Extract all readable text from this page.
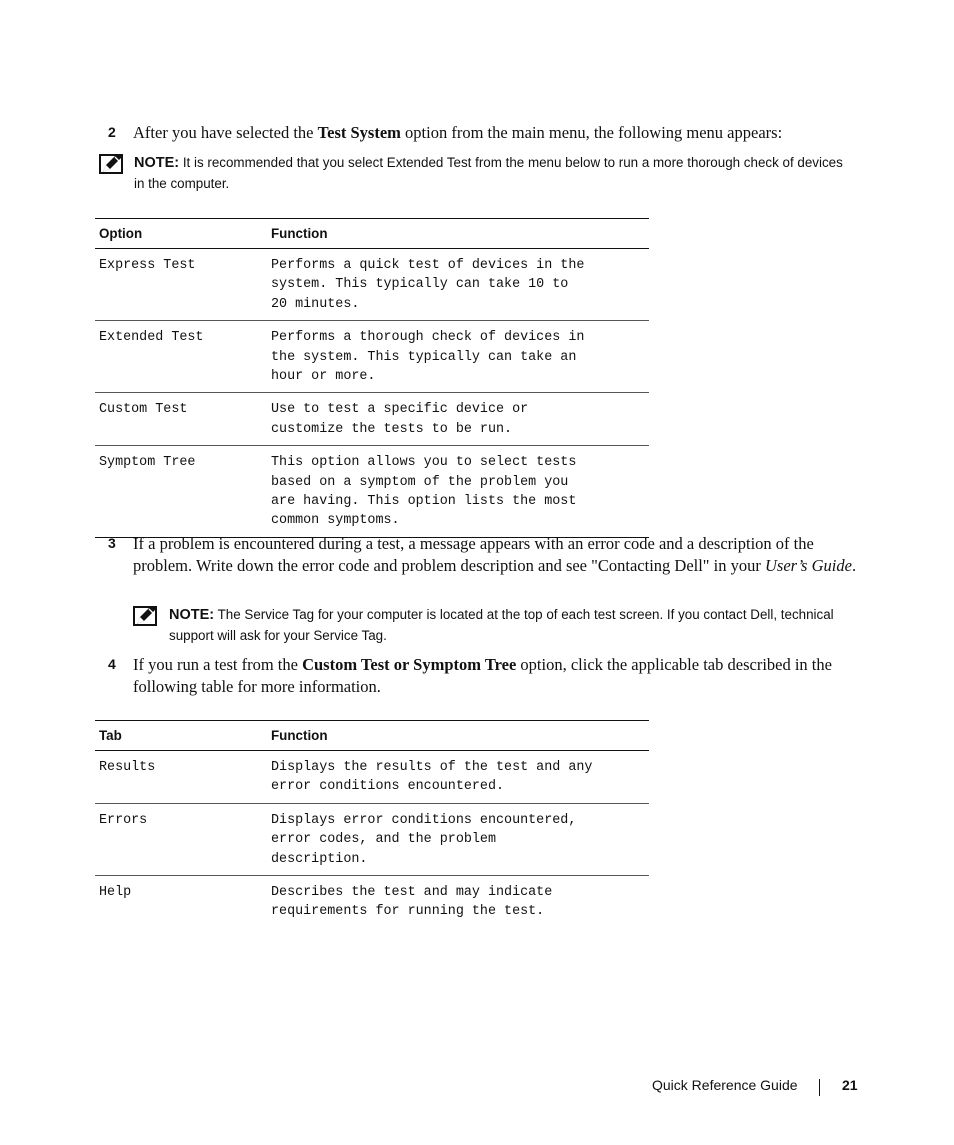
2 After you have selected the Test System option from the main menu, the following menu appears:
NOTE: It is recommended that you select Extended Test from the menu below to run a more thorough check of devices in the computer.
Option	Function
Express Test	Performs a quick test of devices in the
system. This typically can take 10 to
20 minutes.
Extended Test	Performs a thorough check of devices in
the system. This typically can take an
hour or more.
Custom Test	Use to test a specific device or
customize the tests to be run.
Symptom Tree	This option allows you to select tests
based on a symptom of the problem you
are having. This option lists the most
common symptoms.
3 If a problem is encountered during a test, a message appears with an error code and a description of the problem. Write down the error code and problem description and see "Contacting Dell" in your User’s Guide.
NOTE: The Service Tag for your computer is located at the top of each test screen. If you contact Dell, technical support will ask for your Service Tag.
4 If you run a test from the Custom Test or Symptom Tree option, click the applicable tab described in the following table for more information.
Tab	Function
Results	Displays the results of the test and any
error conditions encountered.
Errors	Displays error conditions encountered,
error codes, and the problem
description.
Help	Describes the test and may indicate
requirements for running the test.
Quick Reference Guide	21
